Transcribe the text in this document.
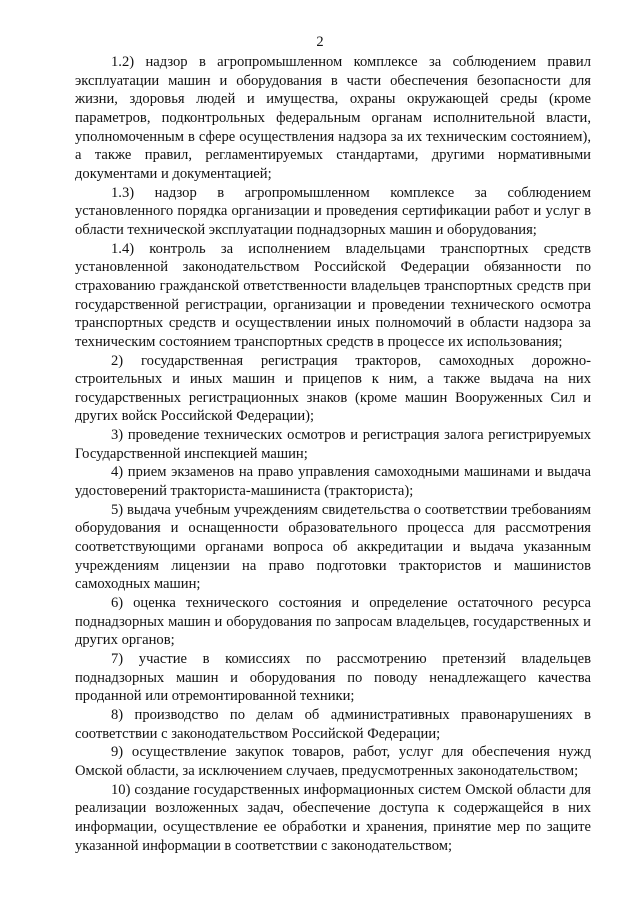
2

1.2) надзор в агропромышленном комплексе за соблюдением правил эксплуатации машин и оборудования в части обеспечения безопасности для жизни, здоровья людей и имущества, охраны окружающей среды (кроме параметров, подконтрольных федеральным органам исполнительной власти, уполномоченным в сфере осуществления надзора за их техническим состоянием), а также правил, регламентируемых стандартами, другими нормативными документами и документацией;

1.3) надзор в агропромышленном комплексе за соблюдением установленного порядка организации и проведения сертификации работ и услуг в области технической эксплуатации поднадзорных машин и оборудования;

1.4) контроль за исполнением владельцами транспортных средств установленной законодательством Российской Федерации обязанности по страхованию гражданской ответственности владельцев транспортных средств при государственной регистрации, организации и проведении технического осмотра транспортных средств и осуществлении иных полномочий в области надзора за техническим состоянием транспортных средств в процессе их использования;

2) государственная регистрация тракторов, самоходных дорожно-строительных и иных машин и прицепов к ним, а также выдача на них государственных регистрационных знаков (кроме машин Вооруженных Сил и других войск Российской Федерации);

3) проведение технических осмотров и регистрация залога регистрируемых Государственной инспекцией машин;

4) прием экзаменов на право управления самоходными машинами и выдача удостоверений тракториста-машиниста (тракториста);

5) выдача учебным учреждениям свидетельства о соответствии требованиям оборудования и оснащенности образовательного процесса для рассмотрения соответствующими органами вопроса об аккредитации и выдача указанным учреждениям лицензии на право подготовки трактористов и машинистов самоходных машин;

6) оценка технического состояния и определение остаточного ресурса поднадзорных машин и оборудования по запросам владельцев, государственных и других органов;

7) участие в комиссиях по рассмотрению претензий владельцев поднадзорных машин и оборудования по поводу ненадлежащего качества проданной или отремонтированной техники;

8) производство по делам об административных правонарушениях в соответствии с законодательством Российской Федерации;

9) осуществление закупок товаров, работ, услуг для обеспечения нужд Омской области, за исключением случаев, предусмотренных законодательством;

10) создание государственных информационных систем Омской области для реализации возложенных задач, обеспечение доступа к содержащейся в них информации, осуществление ее обработки и хранения, принятие мер по защите указанной информации в соответствии с законодательством;
